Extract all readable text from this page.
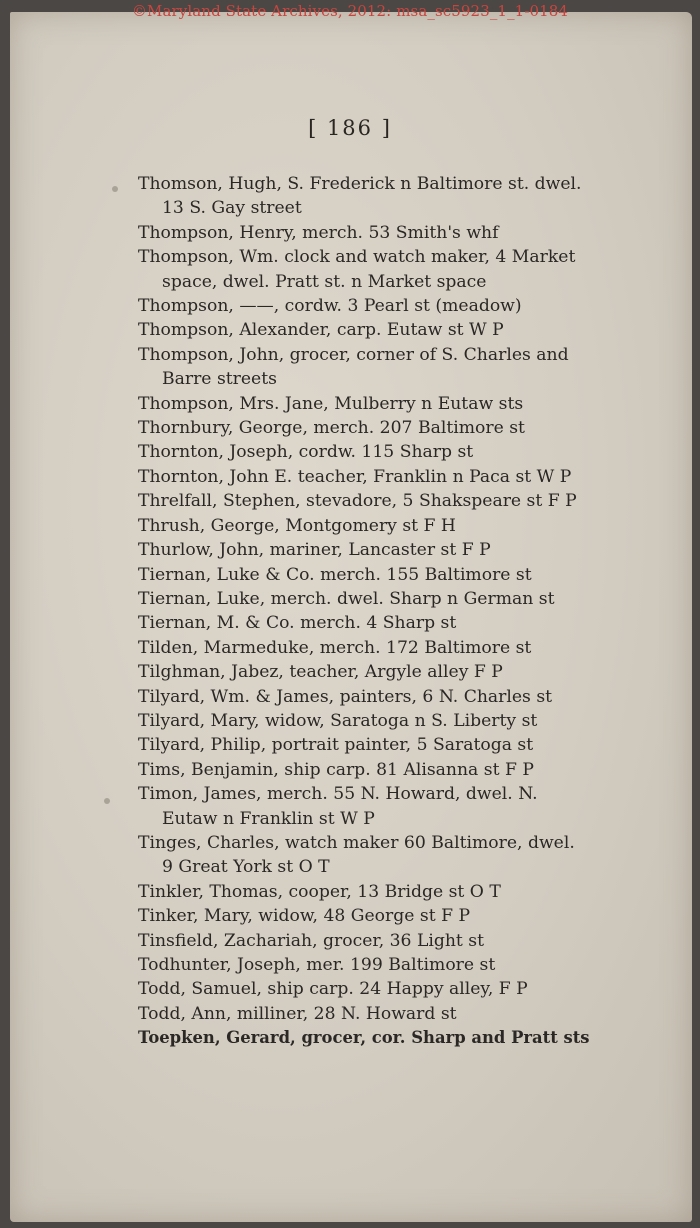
©Maryland State Archives, 2012: msa_sc5923_1_1-0184
[ 186 ]
Thomson, Hugh, S. Frederick n Baltimore st. dwel.
13 S. Gay street
Thompson, Henry, merch. 53 Smith's whf
Thompson, Wm. clock and watch maker, 4 Market
space, dwel. Pratt st. n Market space
Thompson, ——, cordw. 3 Pearl st (meadow)
Thompson, Alexander, carp. Eutaw st W P
Thompson, John, grocer, corner of S. Charles and
Barre streets
Thompson, Mrs. Jane, Mulberry n Eutaw sts
Thornbury, George, merch. 207 Baltimore st
Thornton, Joseph, cordw. 115 Sharp st
Thornton, John E. teacher, Franklin n Paca st W P
Threlfall, Stephen, stevadore, 5 Shakspeare st F P
Thrush, George, Montgomery st F H
Thurlow, John, mariner, Lancaster st F P
Tiernan, Luke & Co. merch. 155 Baltimore st
Tiernan, Luke, merch. dwel. Sharp n German st
Tiernan, M. & Co. merch. 4 Sharp st
Tilden, Marmeduke, merch. 172 Baltimore st
Tilghman, Jabez, teacher, Argyle alley F P
Tilyard, Wm. & James, painters, 6 N. Charles st
Tilyard, Mary, widow, Saratoga n S. Liberty st
Tilyard, Philip, portrait painter, 5 Saratoga st
Tims, Benjamin, ship carp. 81 Alisanna st F P
Timon, James, merch. 55 N. Howard, dwel. N.
Eutaw n Franklin st W P
Tinges, Charles, watch maker 60 Baltimore, dwel.
9 Great York st O T
Tinkler, Thomas, cooper, 13 Bridge st O T
Tinker, Mary, widow, 48 George st F P
Tinsfield, Zachariah, grocer, 36 Light st
Todhunter, Joseph, mer. 199 Baltimore st
Todd, Samuel, ship carp. 24 Happy alley, F P
Todd, Ann, milliner, 28 N. Howard st
Toepken, Gerard, grocer, cor. Sharp and Pratt sts
